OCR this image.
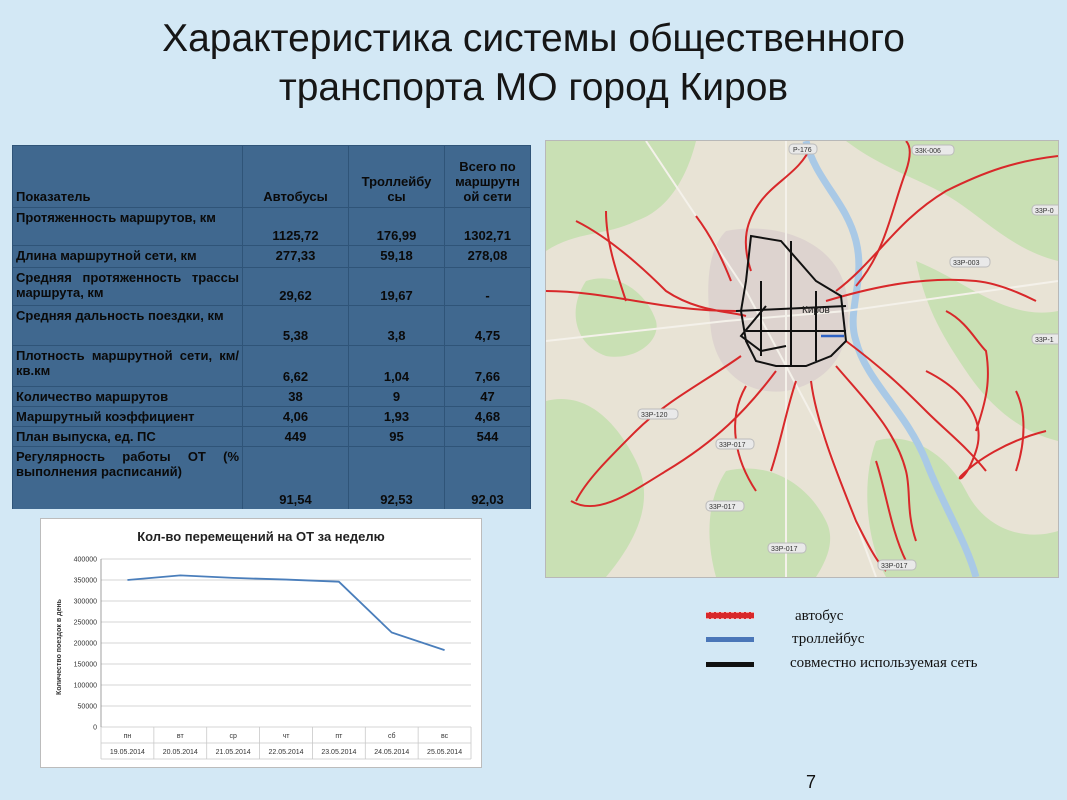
Характеристика системы общественного
транспорта МО город Киров
Показатель	Автобусы	Троллейбу сы	Всего по маршрутн ой сети
Протяженность маршрутов, км	1125,72	176,99	1302,71
Длина маршрутной сети, км	277,33	59,18	278,08
Средняя протяженность трассы маршрута, км	29,62	19,67	-
Средняя дальность поездки, км	5,38	3,8	4,75
Плотность маршрутной сети, км/кв.км	6,62	1,04	7,66
Количество маршрутов	38	9	47
Маршрутный коэффициент	4,06	1,93	4,68
План выпуска, ед. ПС	449	95	544
Регулярность работы ОТ (% выполнения расписаний)	91,54	92,53	92,03
Кол-во перемещений на ОТ за неделю
Количество поездок в день
0
50000
100000
150000
200000
250000
300000
350000
400000
пн
19.05.2014
вт
20.05.2014
ср
21.05.2014
чт
22.05.2014
пт
23.05.2014
сб
24.05.2014
вс
25.05.2014
Р-176	33К-006
33Р-0
33Р-003
33Р-1
33Р-120
33Р-017
33Р-017
33Р-017
33Р-017
Киров
автобус
троллейбус
совместно используемая сеть
7
